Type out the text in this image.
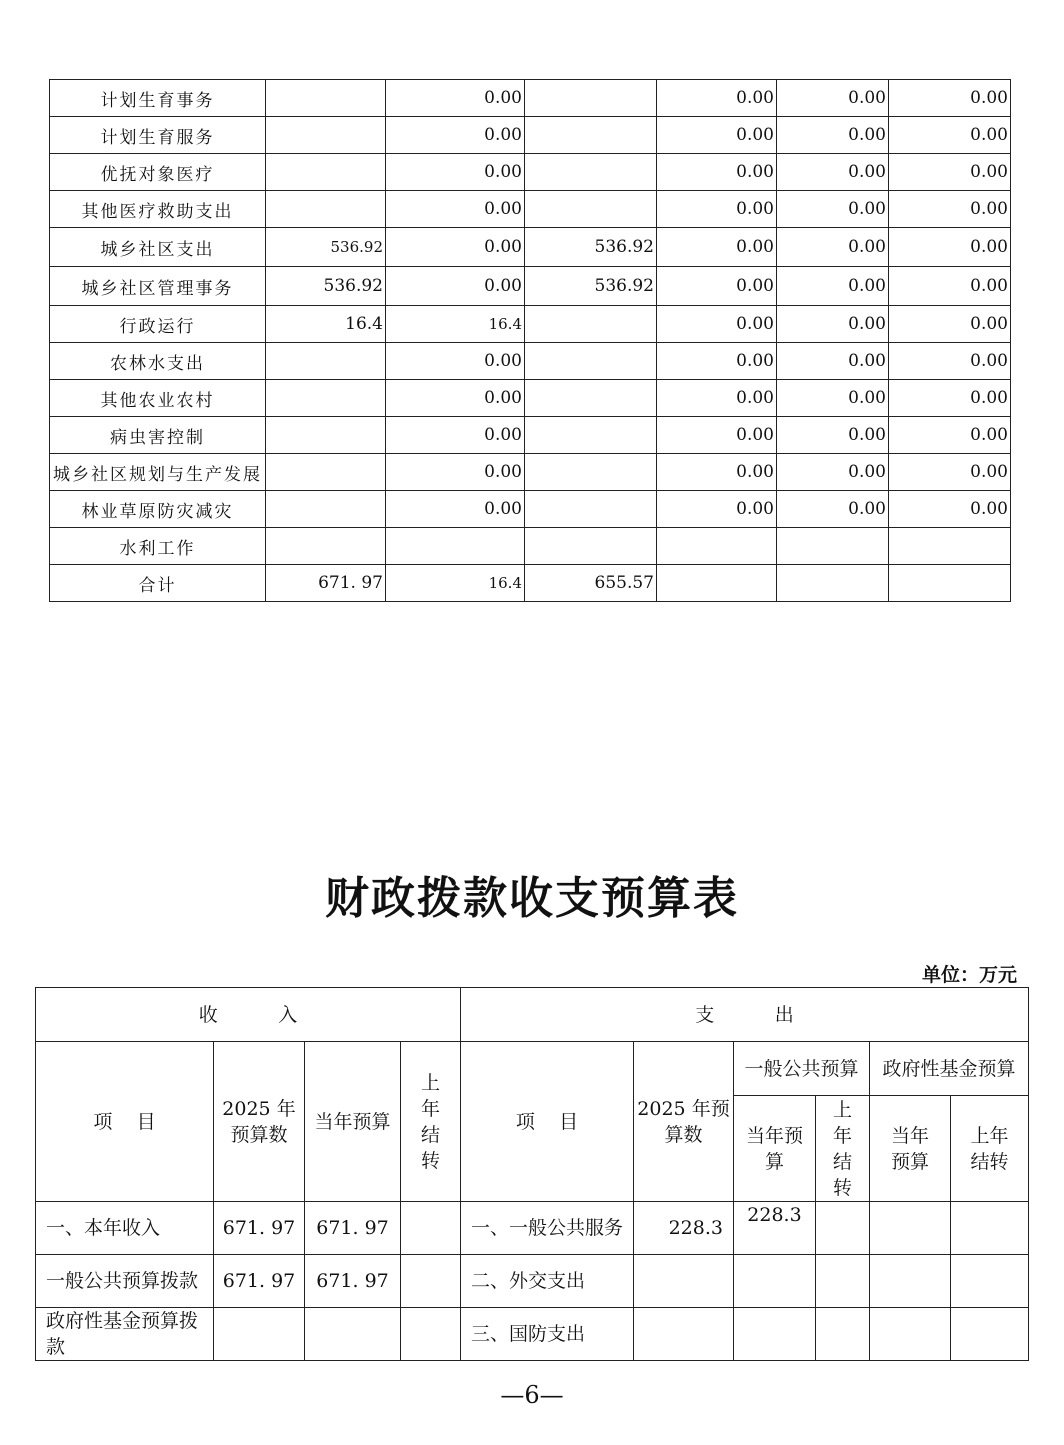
计划生育事务		0.00		0.00	0.00	0.00
计划生育服务		0.00		0.00	0.00	0.00
优抚对象医疗		0.00		0.00	0.00	0.00
其他医疗救助支出		0.00		0.00	0.00	0.00
城乡社区支出	536.92	0.00	536.92	0.00	0.00	0.00
城乡社区管理事务	536.92	0.00	536.92	0.00	0.00	0.00
行政运行	16.4	16.4		0.00	0.00	0.00
农林水支出		0.00		0.00	0.00	0.00
其他农业农村		0.00		0.00	0.00	0.00
病虫害控制		0.00		0.00	0.00	0.00
城乡社区规划与生产发展		0.00		0.00	0.00	0.00
林业草原防灾减灾		0.00		0.00	0.00	0.00
水利工作						
合计	671. 97	16.4	655.57			
财政拨款收支预算表
单位：万元
收          入				支          出					
项    目	2025 年预算数	当年预算	上年结转	项    目	2025 年预算数	一般公共预算		政府性基金预算	
						当年预算	上年结转	当年预算	上年结转
一、本年收入	671. 97	671. 97		一、一般公共服务	228.3	228.3			
一般公共预算拨款	671. 97	671. 97		二、外交支出					
政府性基金预算拨款				三、国防支出					
—6—
